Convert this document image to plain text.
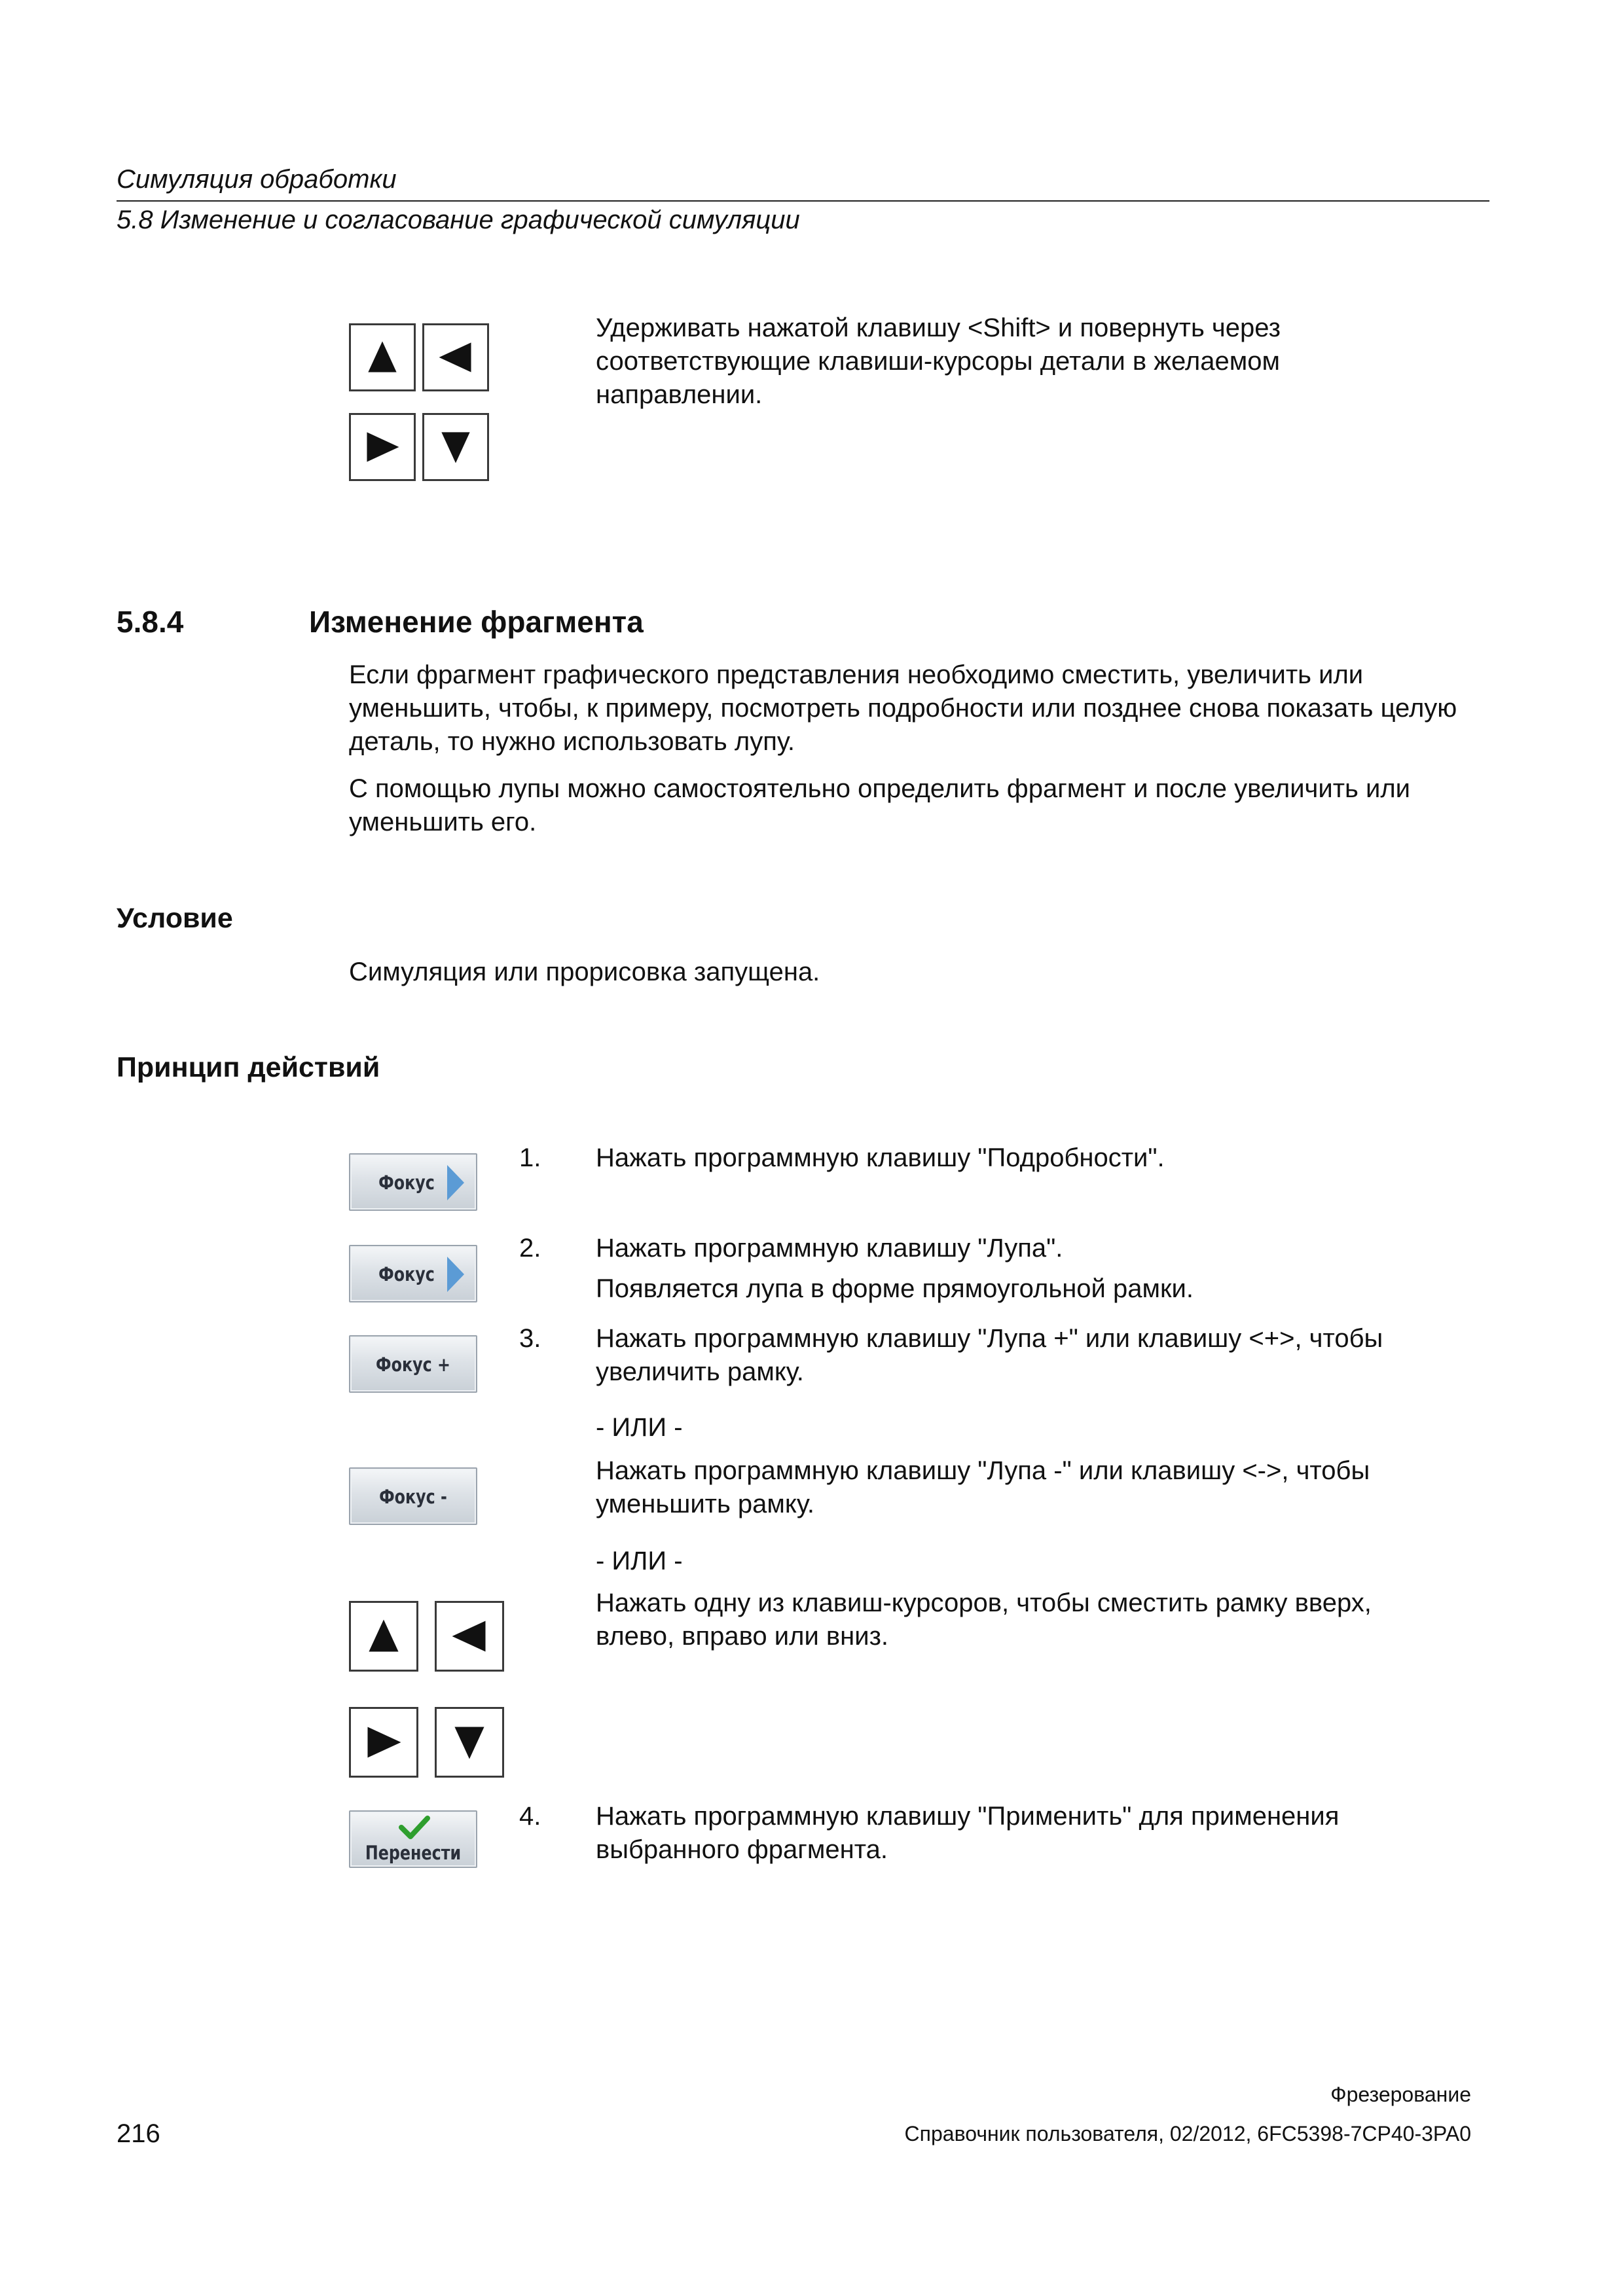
Симуляция обработки
5.8 Изменение и согласование графической симуляции
Удерживать нажатой клавишу <Shift> и повернуть через соответствующие клавиши-курсоры детали в желаемом направлении.
5.8.4	Изменение фрагмента
Если фрагмент графического представления необходимо сместить, увеличить или уменьшить, чтобы, к примеру, посмотреть подробности или позднее снова показать целую деталь, то нужно использовать лупу.
С помощью лупы можно самостоятельно определить фрагмент и после увеличить или уменьшить его.
Условие
Симуляция или прорисовка запущена.
Принцип действий
Фокус
1. Нажать программную клавишу "Подробности".
Фокус
2. Нажать программную клавишу "Лупа".
Появляется лупа в форме прямоугольной рамки.
Фокус +
3. Нажать программную клавишу "Лупа +" или клавишу <+>, чтобы увеличить рамку.
- ИЛИ -
Фокус -
Нажать программную клавишу "Лупа -" или клавишу <->, чтобы уменьшить рамку.
- ИЛИ -
Нажать одну из клавиш-курсоров, чтобы сместить рамку вверх, влево, вправо или вниз.
Перенести
4. Нажать программную клавишу "Применить" для применения выбранного фрагмента.
Фрезерование
216	Справочник пользователя, 02/2012, 6FC5398-7CP40-3PA0
